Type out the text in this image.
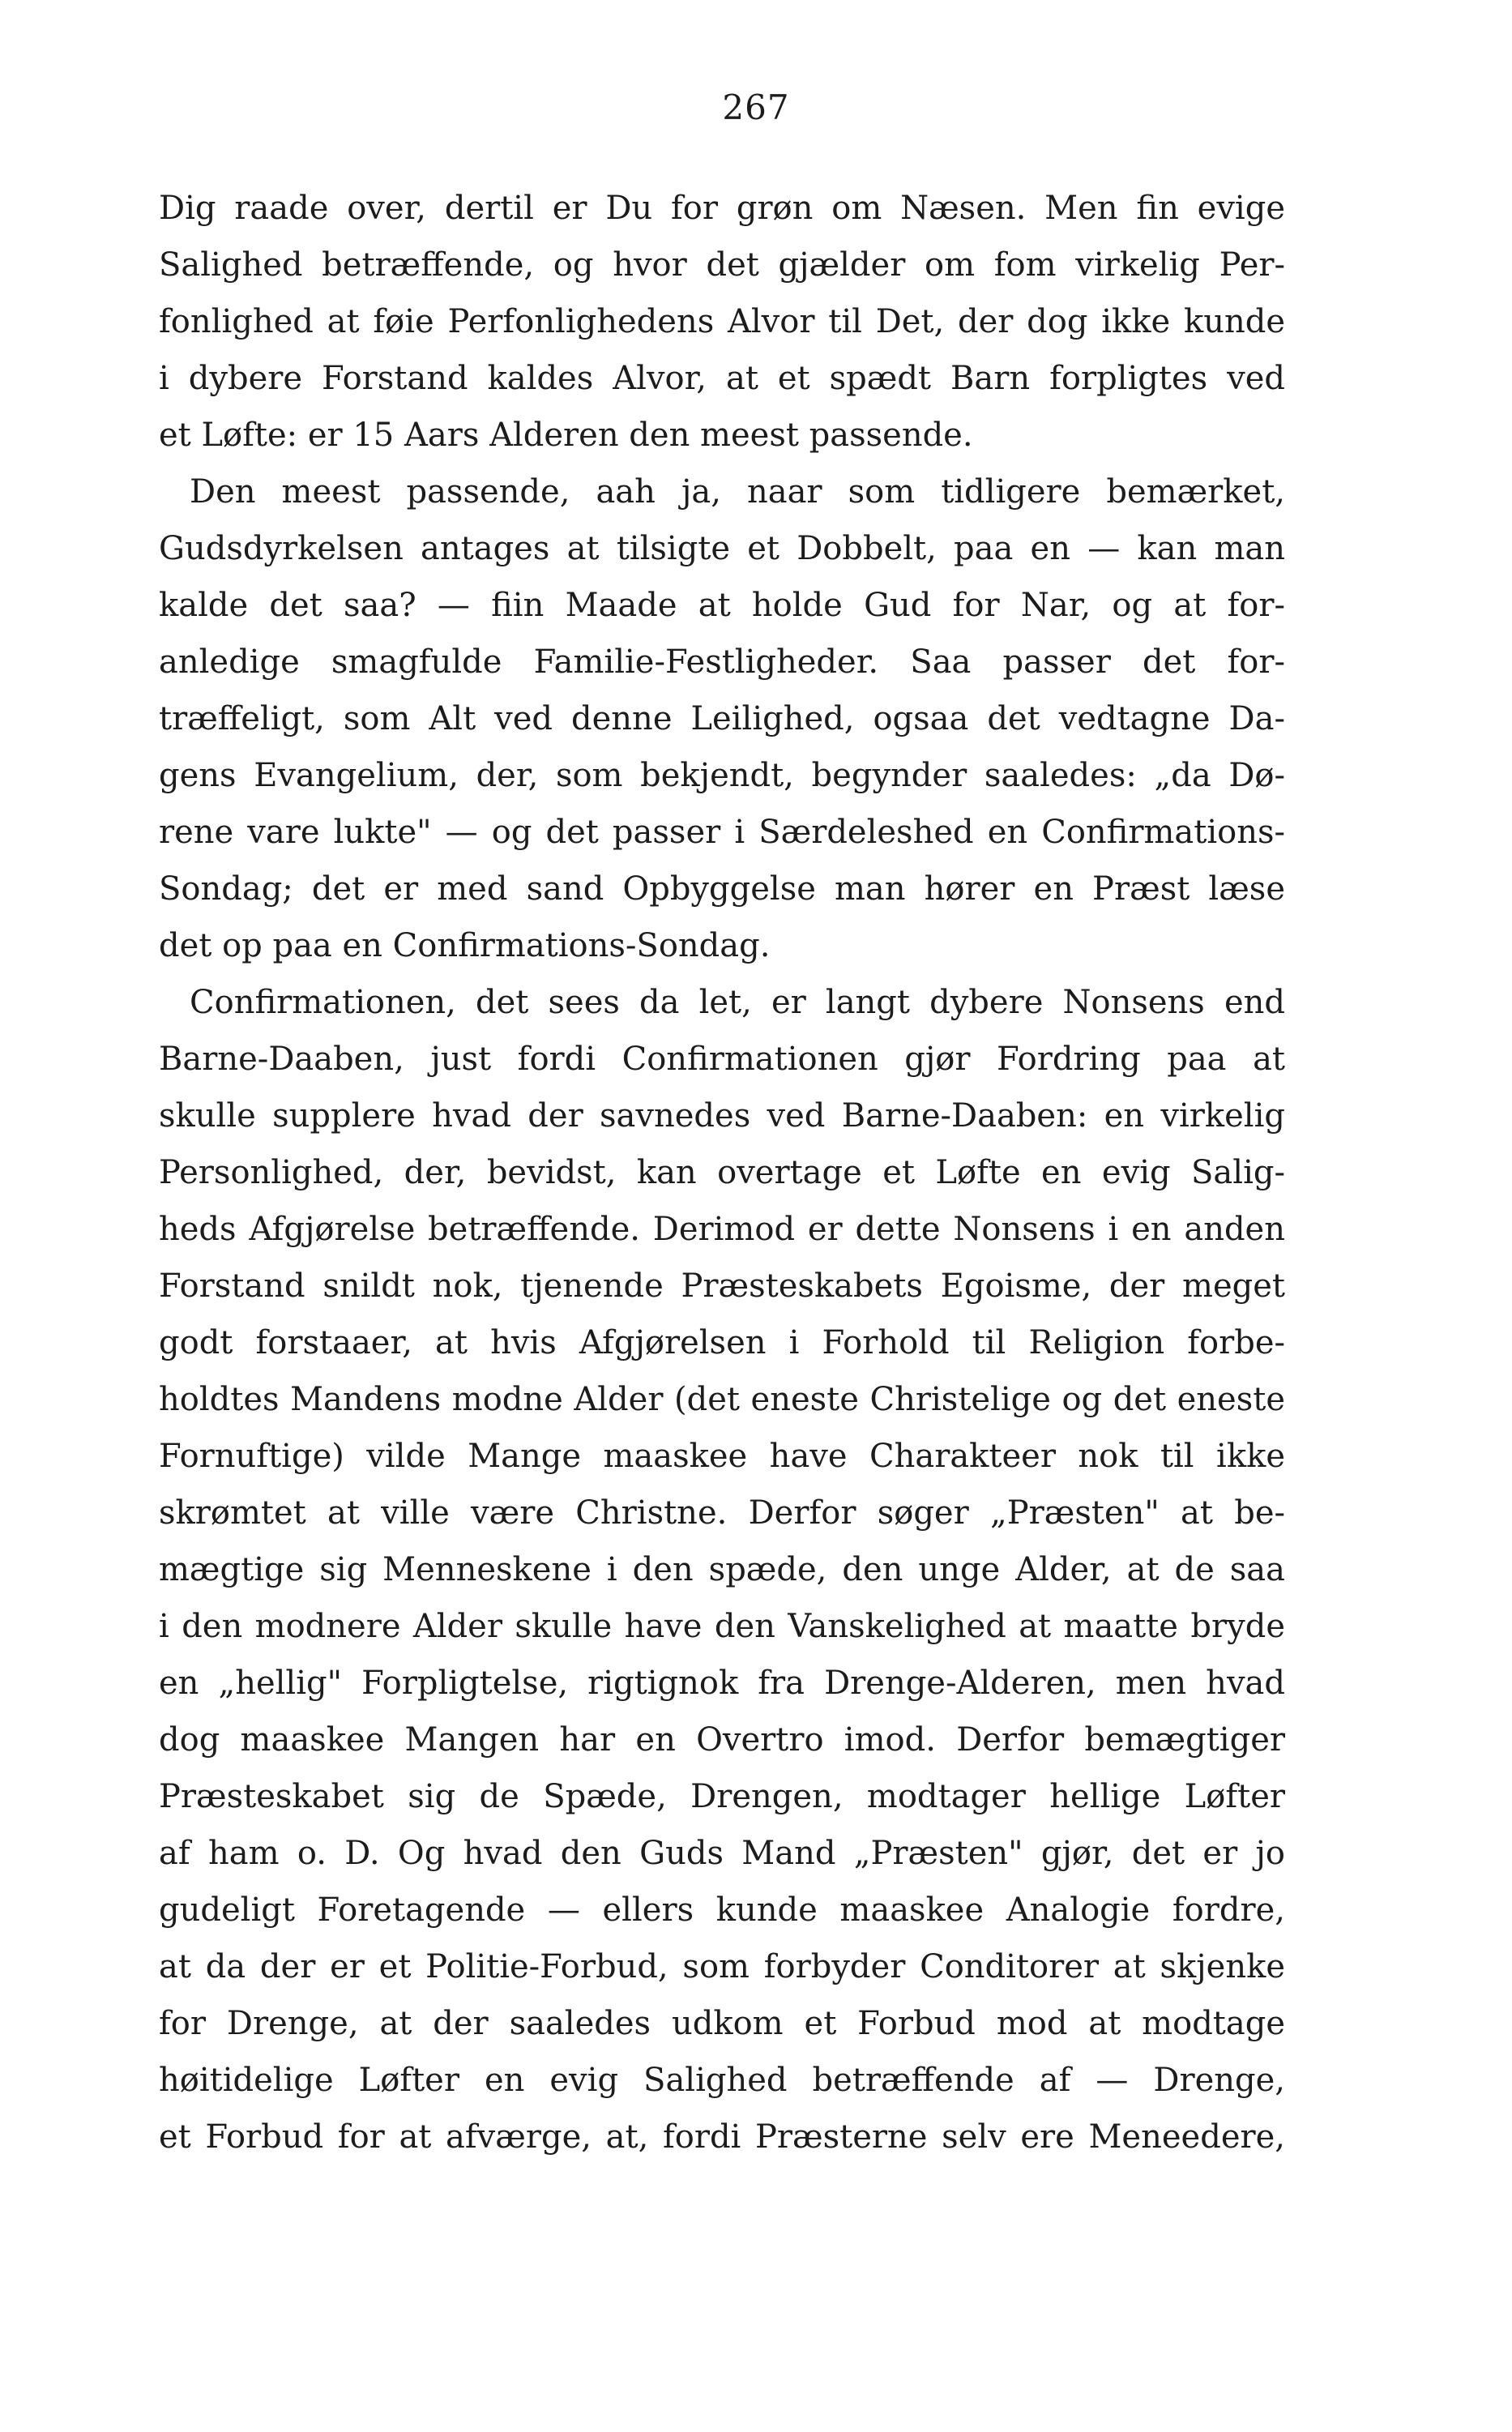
267
Dig raade over, dertil er Du for grøn om Næsen. Men fin evige
Salighed betræffende, og hvor det gjælder om fom virkelig Per-
fonlighed at føie Perfonlighedens Alvor til Det, der dog ikke kunde
i dybere Forstand kaldes Alvor, at et spædt Barn forpligtes ved
et Løfte: er 15 Aars Alderen den meest passende.
Den meest passende, aah ja, naar som tidligere bemærket,
Gudsdyrkelsen antages at tilsigte et Dobbelt, paa en — kan man
kalde det saa? — fiin Maade at holde Gud for Nar, og at for-
anledige smagfulde Familie-Festligheder. Saa passer det for-
træffeligt, som Alt ved denne Leilighed, ogsaa det vedtagne Da-
gens Evangelium, der, som bekjendt, begynder saaledes: „da Dø-
rene vare lukte" — og det passer i Særdeleshed en Confirmations-
Sondag; det er med sand Opbyggelse man hører en Præst læse
det op paa en Confirmations-Sondag.
Confirmationen, det sees da let, er langt dybere Nonsens end
Barne-Daaben, just fordi Confirmationen gjør Fordring paa at
skulle supplere hvad der savnedes ved Barne-Daaben: en virkelig
Personlighed, der, bevidst, kan overtage et Løfte en evig Salig-
heds Afgjørelse betræffende. Derimod er dette Nonsens i en anden
Forstand snildt nok, tjenende Præsteskabets Egoisme, der meget
godt forstaaer, at hvis Afgjørelsen i Forhold til Religion forbe-
holdtes Mandens modne Alder (det eneste Christelige og det eneste
Fornuftige) vilde Mange maaskee have Charakteer nok til ikke
skrømtet at ville være Christne. Derfor søger „Præsten" at be-
mægtige sig Menneskene i den spæde, den unge Alder, at de saa
i den modnere Alder skulle have den Vanskelighed at maatte bryde
en „hellig" Forpligtelse, rigtignok fra Drenge-Alderen, men hvad
dog maaskee Mangen har en Overtro imod. Derfor bemægtiger
Præsteskabet sig de Spæde, Drengen, modtager hellige Løfter
af ham o. D. Og hvad den Guds Mand „Præsten" gjør, det er jo
gudeligt Foretagende — ellers kunde maaskee Analogie fordre,
at da der er et Politie-Forbud, som forbyder Conditorer at skjenke
for Drenge, at der saaledes udkom et Forbud mod at modtage
høitidelige Løfter en evig Salighed betræffende af — Drenge,
et Forbud for at afværge, at, fordi Præsterne selv ere Meneedere,
